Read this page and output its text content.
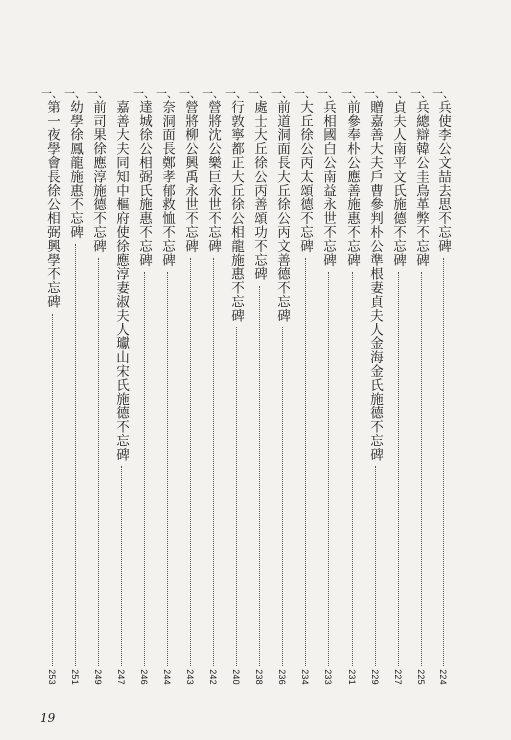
一、
兵使李公文喆去思不忘碑
224
一、
兵總辯韓公圭鳥革弊不忘碑
225
一、
貞夫人南平文氏施德不忘碑
227
一、
贈嘉善大夫戶曹參判朴公準根妻貞夫人金海金氏施德不忘碑
229
一、
前參奉朴公應善施惠不忘碑
231
一、
兵相國白公南益永世不忘碑
233
一、
大丘徐公丙太頌德不忘碑
234
一、
前道洞面長大丘徐公丙文善德不忘碑
236
一、
處士大丘徐公丙善頌功不忘碑
238
一、
行敦寧都正大丘徐公相龍施惠不忘碑
240
一、
營將沈公樂巨永世不忘碑
242
一、
營將柳公興禹永世不忘碑
243
一、
奈洞面長鄭孝郁救恤不忘碑
244
一、
達城徐公相弼氏施惠不忘碑
246
嘉善大夫同知中樞府使徐應淳妻淑夫人瓛山宋氏施德不忘碑
247
一、
前司果徐應淳施德不忘碑
249
一、
幼學徐鳳龍施惠不忘碑
251
一、
第一夜學會長徐公相弼興學不忘碑
253
19
